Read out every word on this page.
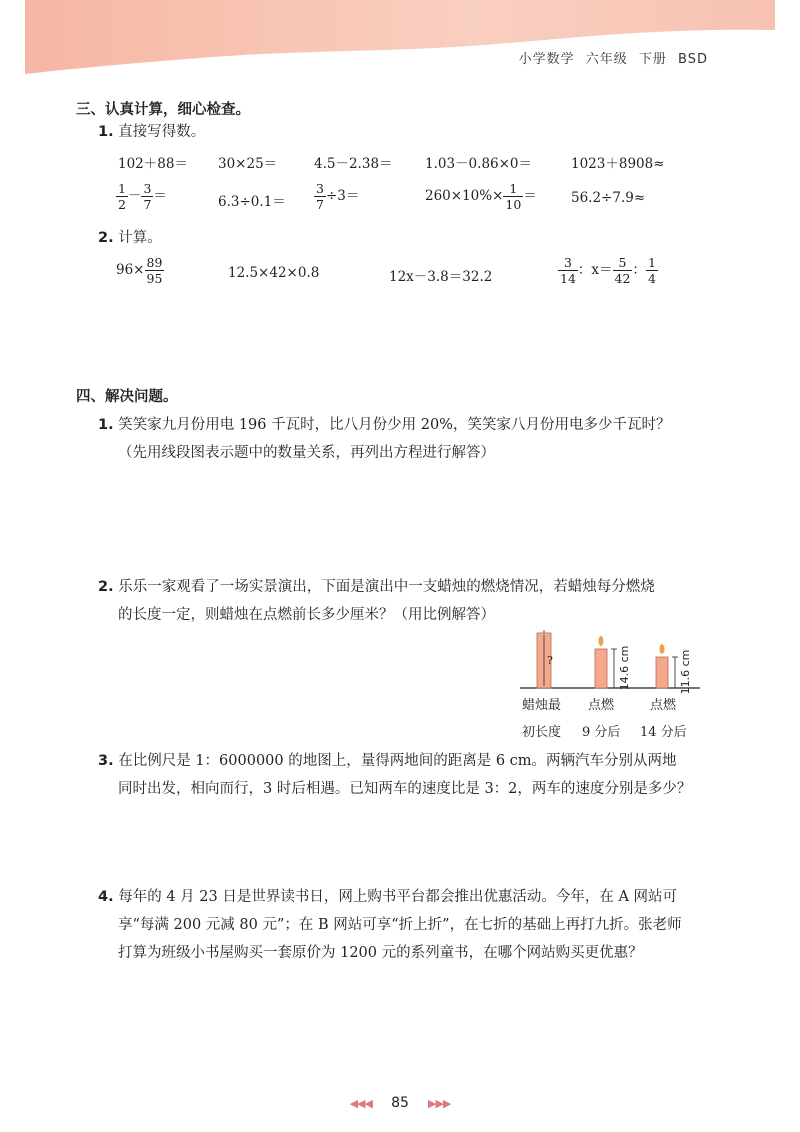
小学数学 六年级 下册 BSD
三、认真计算，细心检查。
1. 直接写得数。
102＋88＝ 30×25＝	4.5－2.38＝ 1.03－0.86×0＝	1023＋8908≈
$\frac{1}{2} - \frac{3}{7}$ ＝	$6.3\div 0.1= \frac{3}{7} \div 3=$	$260\times 10\%\times \frac{1}{10}$ ＝	56.2÷7.9≈
2. 计算。
$96\times \frac{89}{95}$	12.5×42×0.8	12x－3.8＝32.2	$\frac{3}{14}$ ：$x= \frac{5}{42}$ ： $\frac{1}{4}$
四、解决问题。
1. 笑笑家九月份用电 196 千瓦时，比八月份少用 20%，笑笑家八月份用电多少千瓦时？
（先用线段图表示题中的数量关系，再列出方程进行解答）
2. 乐乐一家观看了一场实景演出，下面是演出中一支蜡烛的燃烧情况，若蜡烛每分燃烧
的长度一定，则蜡烛在点燃前长多少厘米？（用比例解答）
?	14.6 cm	11.6 cm
蜡烛最 点燃	点燃
初长度 9 分后 14 分后
3. 在比例尺是 1：6000000 的地图上，量得两地间的距离是 6 cm。两辆汽车分别从两地
同时出发，相向而行，3 时后相遇。已知两车的速度比是 3：2，两车的速度分别是多少？
4. 每年的 4 月 23 日是世界读书日，网上购书平台都会推出优惠活动。今年，在 A 网站可
享“每满 200 元减 80 元”；在 B 网站可享“折上折”，在七折的基础上再打九折。张老师
打算为班级小书屋购买一套原价为 1200 元的系列童书，在哪个网站购买更优惠？
◀◀◀ 85 ▶▶▶
